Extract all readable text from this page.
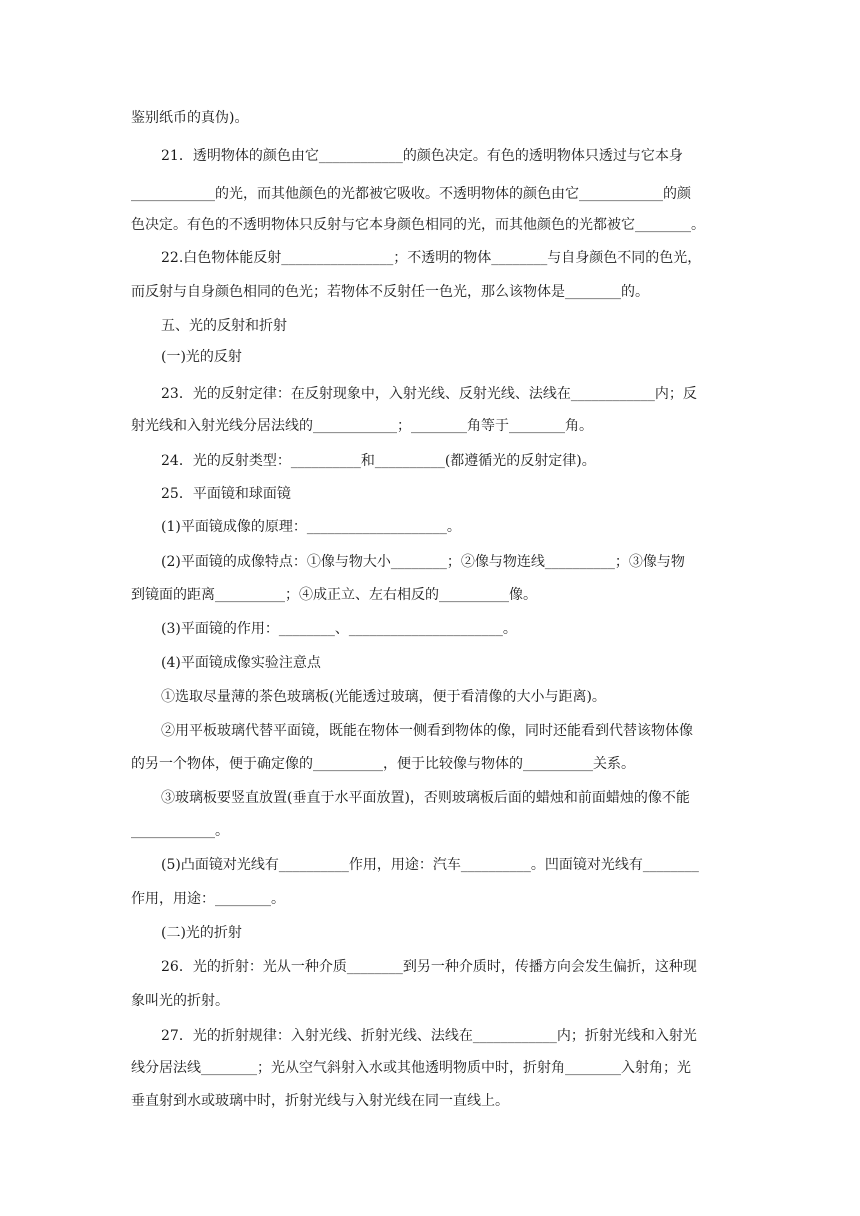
鉴别纸币的真伪)。
21．透明物体的颜色由它____________的颜色决定。有色的透明物体只透过与它本身
____________的光，而其他颜色的光都被它吸收。不透明物体的颜色由它____________的颜
色决定。有色的不透明物体只反射与它本身颜色相同的光，而其他颜色的光都被它________。
22.白色物体能反射________________；不透明的物体________与自身颜色不同的色光，
而反射与自身颜色相同的色光；若物体不反射任一色光，那么该物体是________的。
五、光的反射和折射
(一)光的反射
23．光的反射定律：在反射现象中，入射光线、反射光线、法线在____________内；反
射光线和入射光线分居法线的____________；________角等于________角。
24．光的反射类型：__________和__________(都遵循光的反射定律)。
25．平面镜和球面镜
(1)平面镜成像的原理：____________________。
(2)平面镜的成像特点：①像与物大小________；②像与物连线__________；③像与物
到镜面的距离__________；④成正立、左右相反的__________像。
(3)平面镜的作用：________、______________________。
(4)平面镜成像实验注意点
①选取尽量薄的茶色玻璃板(光能透过玻璃，便于看清像的大小与距离)。
②用平板玻璃代替平面镜，既能在物体一侧看到物体的像，同时还能看到代替该物体像
的另一个物体，便于确定像的__________，便于比较像与物体的__________关系。
③玻璃板要竖直放置(垂直于水平面放置)，否则玻璃板后面的蜡烛和前面蜡烛的像不能
____________。
(5)凸面镜对光线有__________作用，用途：汽车__________。凹面镜对光线有________
作用，用途：________。
(二)光的折射
26．光的折射：光从一种介质________到另一种介质时，传播方向会发生偏折，这种现
象叫光的折射。
27．光的折射规律：入射光线、折射光线、法线在____________内；折射光线和入射光
线分居法线________；光从空气斜射入水或其他透明物质中时，折射角________入射角；光
垂直射到水或玻璃中时，折射光线与入射光线在同一直线上。
